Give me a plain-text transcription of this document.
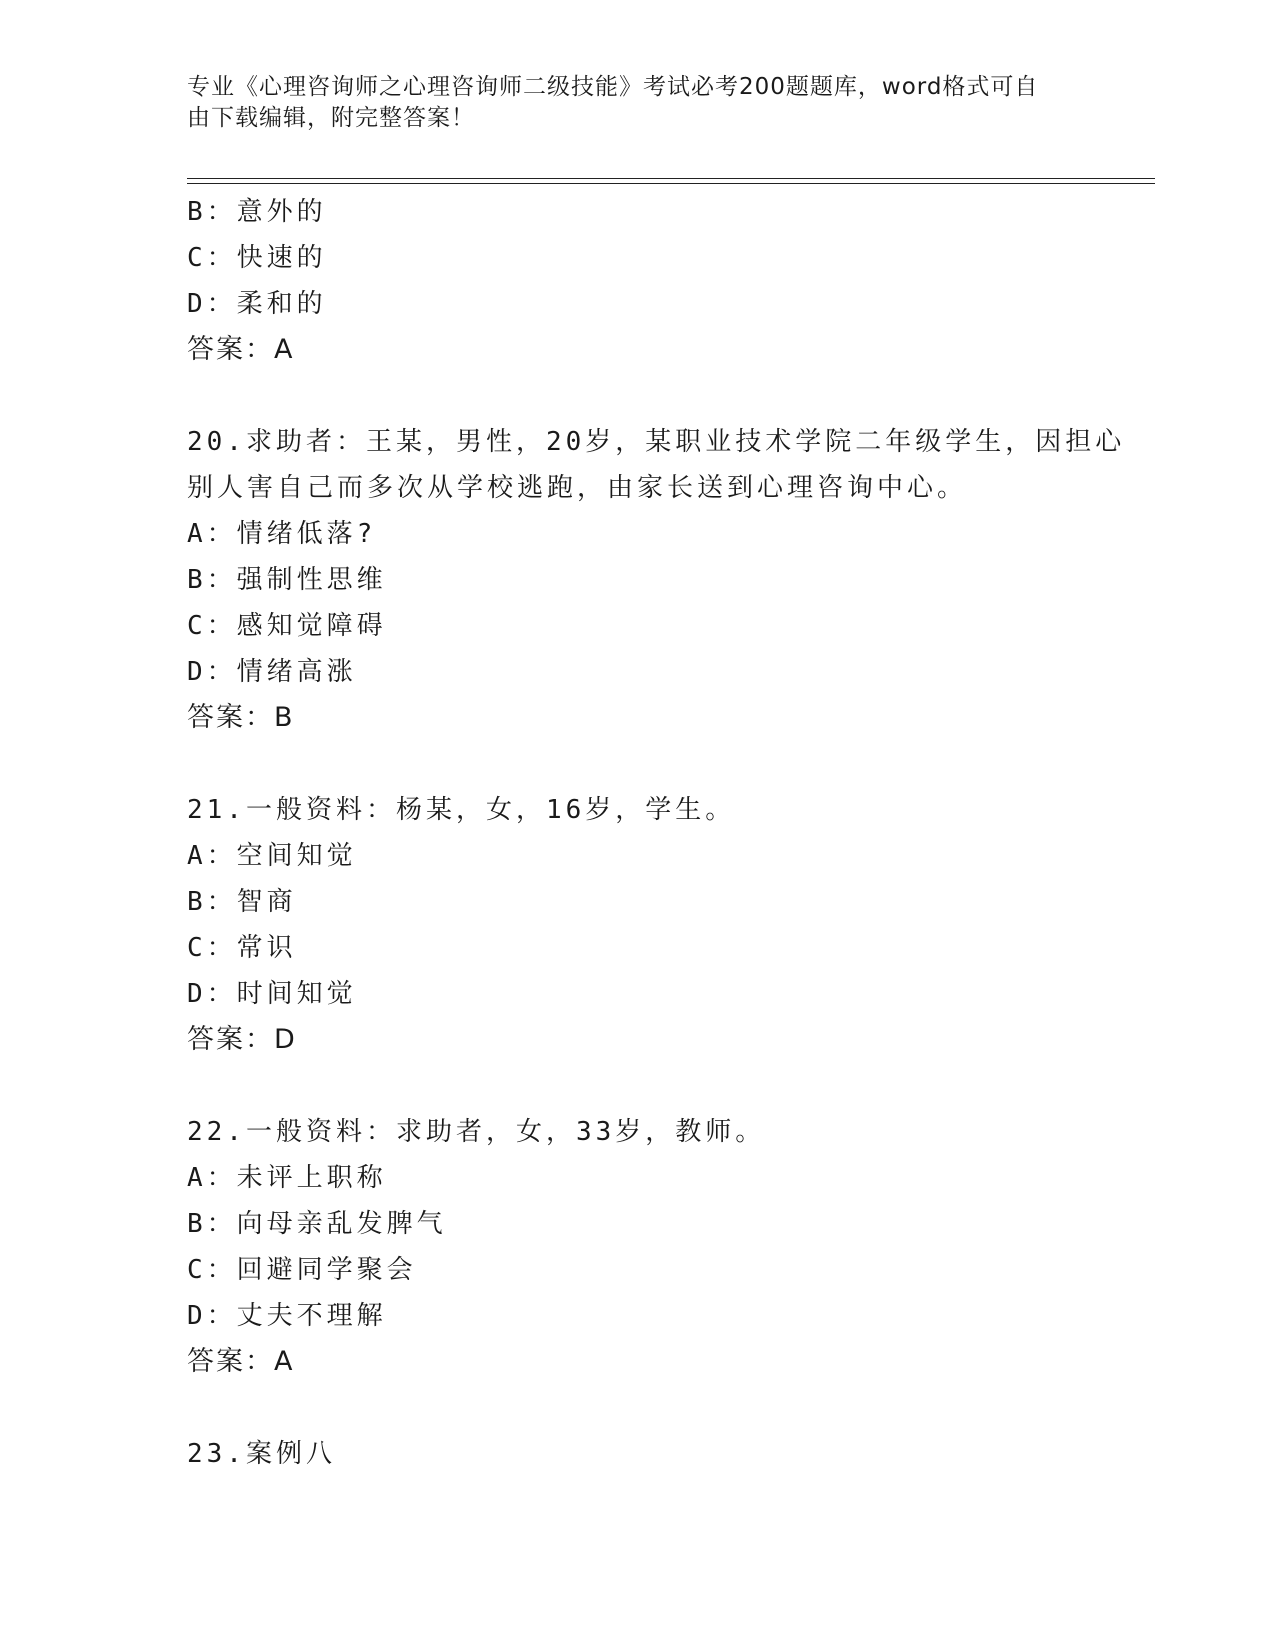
专业《心理咨询师之心理咨询师二级技能》考试必考200题题库，word格式可自
由下载编辑，附完整答案！
B：意外的
C：快速的
D：柔和的
答案：A
20.求助者：王某，男性，20岁，某职业技术学院二年级学生，因担心
别人害自己而多次从学校逃跑，由家长送到心理咨询中心。
A：情绪低落?
B：强制性思维
C：感知觉障碍
D：情绪高涨
答案：B
21.一般资料：杨某，女，16岁，学生。
A：空间知觉
B：智商
C：常识
D：时间知觉
答案：D
22.一般资料：求助者，女，33岁，教师。
A：未评上职称
B：向母亲乱发脾气
C：回避同学聚会
D：丈夫不理解
答案：A
23.案例八
